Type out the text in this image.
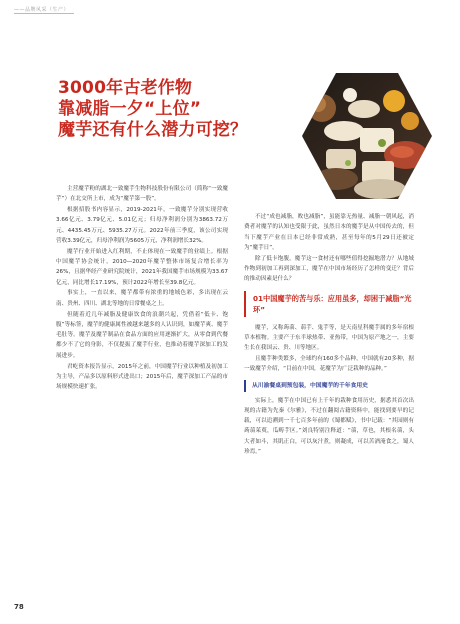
——品牌风采（生产）
3000年古老作物
靠减脂一夕“上位”
魔芋还有什么潜力可挖？

主营魔芋粉的湖北一致魔芋生物科技股份有限公司（简称“一致魔芋”）在北交所上市，成为“魔芋第一股”。

根据招股书内容显示，2019-2021年，一致魔芋分别实现营收3.66亿元、3.79亿元、5.01亿元；归母净利润分别为3863.72万元、4435.45万元、5935.27万元。2022年前三季度，该公司实现营收3.39亿元，归母净利润为5605万元，净利润增长32%。

魔芋行业开始进入红利期，不止体现在一致魔芋的业绩上。根据中国魔芋协会统计，2010—2020年魔芋整体市场复合增长率为26%，且据华经产业研究院统计，2021年我国魔芋市场规模为33.67亿元，同比增长17.19%，预计2022年增长至39.8亿元。

事实上，一直以来，魔芋都带有浓重的地域色彩，多出现在云南、贵州、四川、湖北等地的日常餐桌之上。

但随着近几年减脂及健康饮食的浪潮兴起，凭借着“低卡、饱腹”等标签，魔芋的健康属性被越来越多的人认识到，如魔芋爽、魔芋毛肚等。魔芋及魔芋制品在食品方面的应用逐渐扩大，从零食到代餐都少不了它的身影，不仅提振了魔芋行业，也推动着魔芋深加工的发展进步。

君屹资本报告显示，2015年之前，中国魔芋行业以种植及初加工为主导，产品多以原料形式进出口；2015年后，魔芋深加工产品的市场规模快速扩张。

不过“成也减脂，败也减脂”，虽能靠无热量、减脂一朝风起，消费者对魔芋的认知也受限于此，虽然日本的魔芋是从中国传去的，但当下魔芋产业在日本已经非常成熟，甚至每年的5月29日还被定为“魔芋日”。

除了低卡饱腹，魔芋这一食材还有哪些值得挖掘地潜力？从地域作物到初加工再到深加工，魔芋在中国市场经历了怎样的变迁？背后的推动因素是什么？

01中国魔芋的苦与乐：应用虽多，却困于减脂“光环”

魔芋，又称蒟蒻、蒻芋、鬼芋等，是天南星科魔芋属的多年宿根草本植物。主要产于东半球热带、亚热带，中国为原产地之一，主要生长在我国云、贵、川等地区。

且魔芋种类繁多，全球约有160多个品种，中国就有20多种，据一致魔芋介绍，“目前在中国，花魔芋为广泛栽种的品种。”

从川渝餐桌到预包装，中国魔芋的千年食用史

实际上，魔芋在中国已有上千年的栽种食用历史，据悉其首次出现的古籍为先秦《尔雅》，不过在翻阅古籍资料中，能找到要早的记载，可以追溯到一千七百多年前的《蜀都赋》，书中记载：“其园则有蒟蒻茱萸，瓜畴芋区。”刘良特别注释道：“蒻，草也，其根名蒻，头大者如斗，其肌正白，可以灰汁煮，则凝成，可以苦酒淹食之，蜀人珍焉。”

78
